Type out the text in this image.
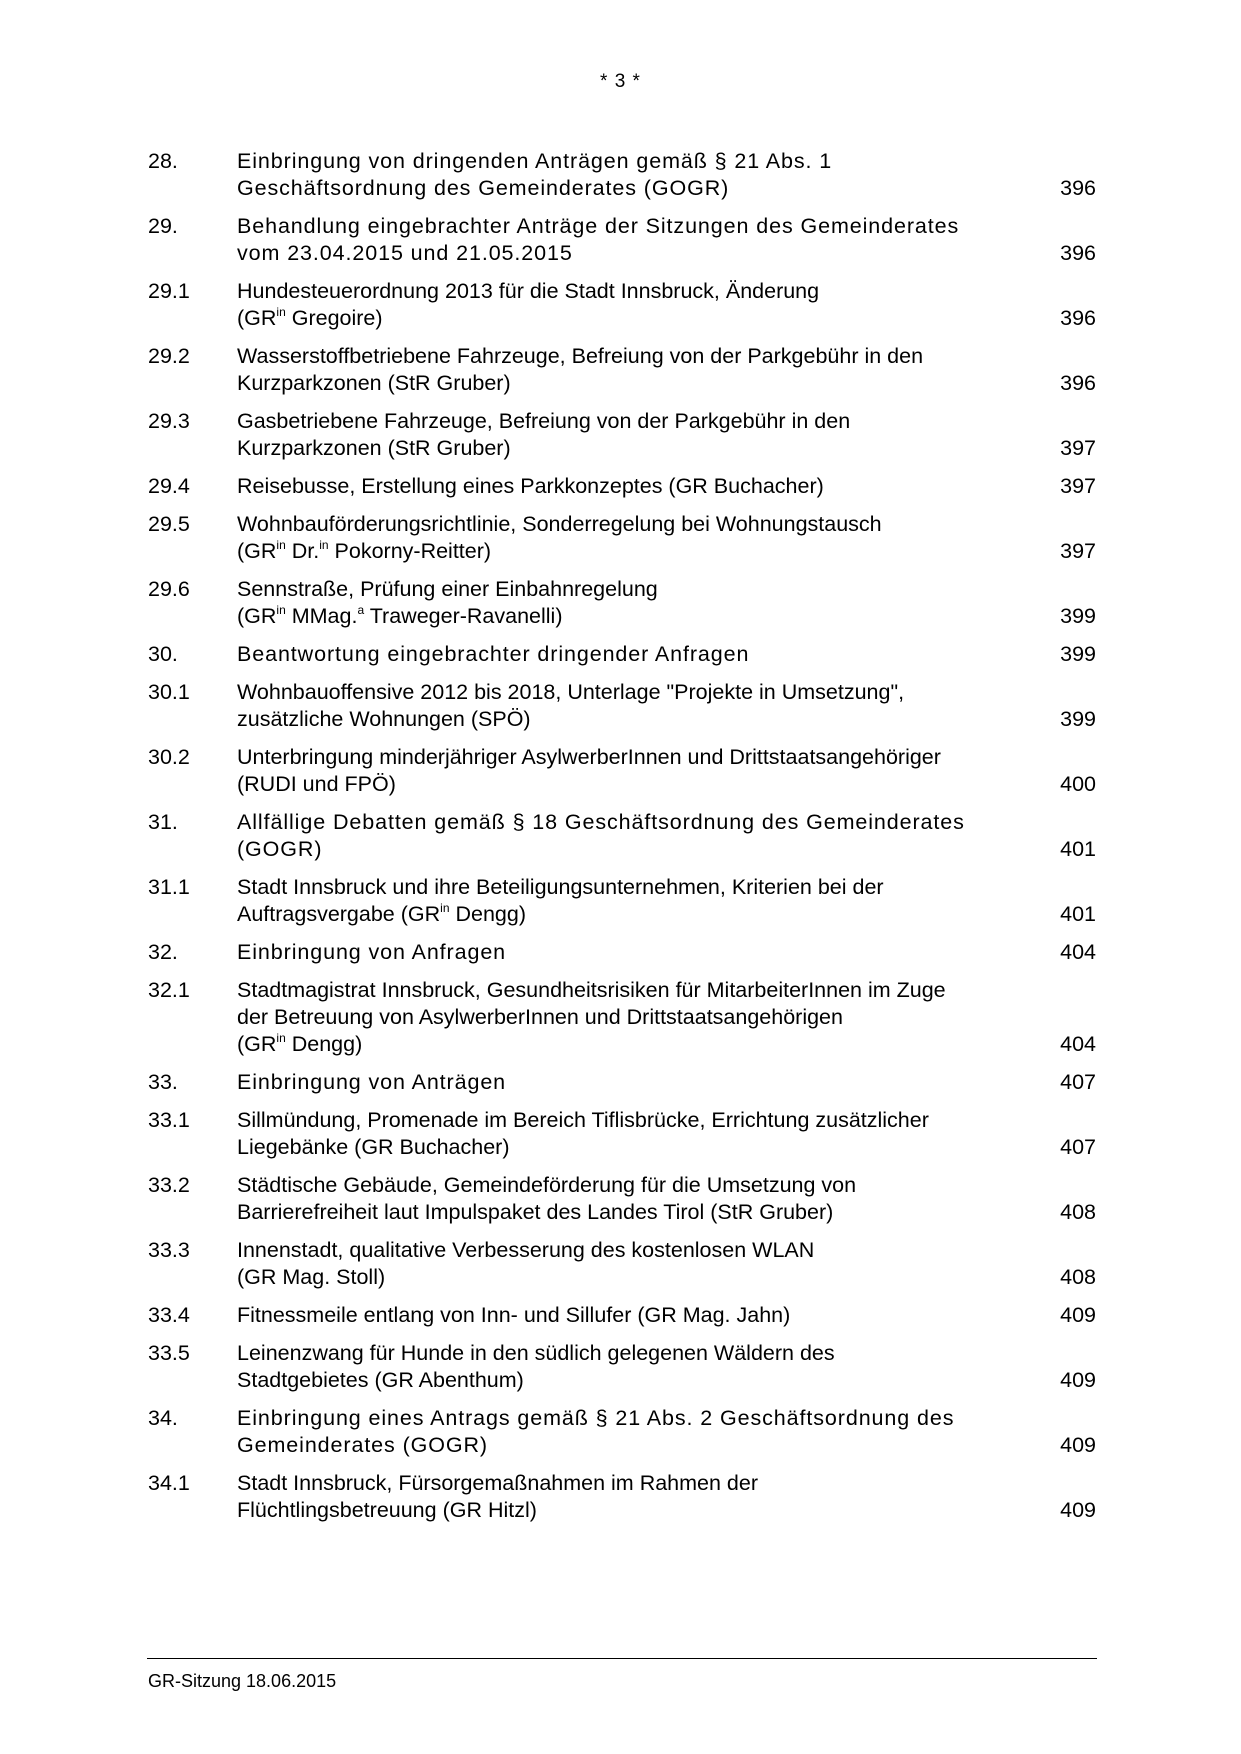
* 3 *
28.	Einbringung von dringenden Anträgen gemäß § 21 Abs. 1
Geschäftsordnung des Gemeinderates (GOGR)	396
29.	Behandlung eingebrachter Anträge der Sitzungen des Gemeinderates
vom 23.04.2015 und 21.05.2015	396
29.1	Hundesteuerordnung 2013 für die Stadt Innsbruck, Änderung
($GR^{in}$ Gregoire)	396
29.2	Wasserstoffbetriebene Fahrzeuge, Befreiung von der Parkgebühr in den
Kurzparkzonen (StR Gruber)	396
29.3	Gasbetriebene Fahrzeuge, Befreiung von der Parkgebühr in den
Kurzparkzonen (StR Gruber)	397
29.4	Reisebusse, Erstellung eines Parkkonzeptes (GR Buchacher)	397
29.5	Wohnbauförderungsrichtlinie, Sonderregelung bei Wohnungstausch
($GR^{in}$ Dr.$^{in}$ Pokorny-Reitter)	397
29.6	Sennstraße, Prüfung einer Einbahnregelung
($GR^{in}$ MMag.$^a$ Traweger-Ravanelli)	399
30.	Beantwortung eingebrachter dringender Anfragen	399
30.1	Wohnbauoffensive 2012 bis 2018, Unterlage "Projekte in Umsetzung",
zusätzliche Wohnungen (SPÖ)	399
30.2	Unterbringung minderjähriger AsylwerberInnen und Drittstaatsangehöriger
(RUDI und FPÖ)	400
31.	Allfällige Debatten gemäß § 18 Geschäftsordnung des Gemeinderates
(GOGR)	401
31.1	Stadt Innsbruck und ihre Beteiligungsunternehmen, Kriterien bei der
Auftragsvergabe ($GR^{in}$ Dengg)	401
32.	Einbringung von Anfragen	404
32.1	Stadtmagistrat Innsbruck, Gesundheitsrisiken für MitarbeiterInnen im Zuge
der Betreuung von AsylwerberInnen und Drittstaatsangehörigen
($GR^{in}$ Dengg)	404
33.	Einbringung von Anträgen	407
33.1	Sillmündung, Promenade im Bereich Tiflisbrücke, Errichtung zusätzlicher
Liegebänke (GR Buchacher)	407
33.2	Städtische Gebäude, Gemeindeförderung für die Umsetzung von
Barrierefreiheit laut Impulspaket des Landes Tirol (StR Gruber)	408
33.3	Innenstadt, qualitative Verbesserung des kostenlosen WLAN
(GR Mag. Stoll)	408
33.4	Fitnessmeile entlang von Inn- und Sillufer (GR Mag. Jahn)	409
33.5	Leinenzwang für Hunde in den südlich gelegenen Wäldern des
Stadtgebietes (GR Abenthum)	409
34.	Einbringung eines Antrags gemäß § 21 Abs. 2 Geschäftsordnung des
Gemeinderates (GOGR)	409
34.1	Stadt Innsbruck, Fürsorgemaßnahmen im Rahmen der
Flüchtlingsbetreuung (GR Hitzl)	409
GR-Sitzung 18.06.2015
